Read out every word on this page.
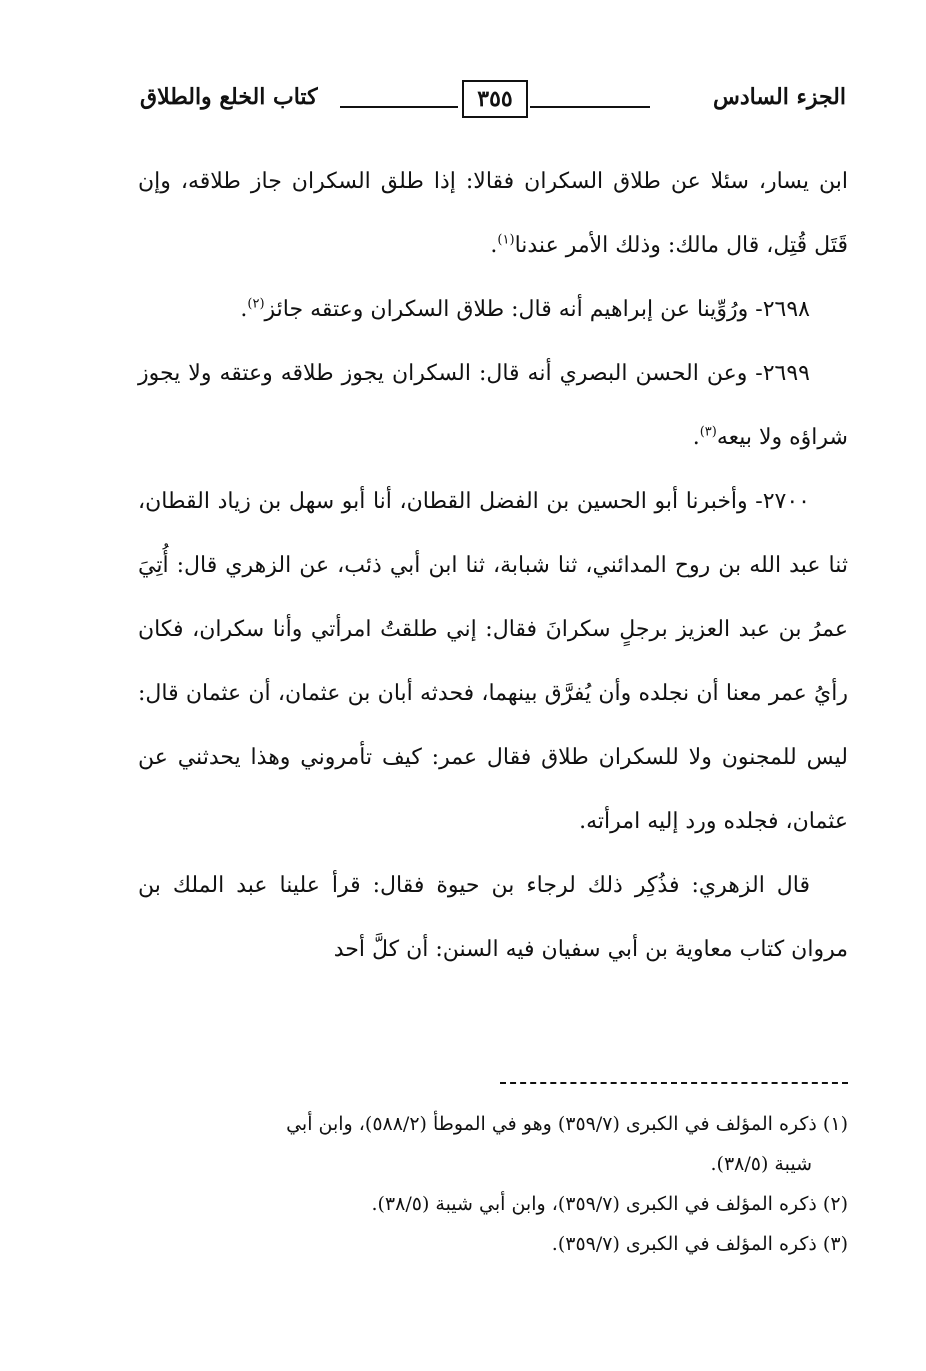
الجزء السادس
٣٥٥
كتاب الخلع والطلاق

ابن يسار، سئلا عن طلاق السكران فقالا: إذا طلق السكران جاز طلاقه، وإن قَتَل قُتِل، قال مالك: وذلك الأمر عندنا$^{(١)}$.

٢٦٩٨- ورُوِّينا عن إبراهيم أنه قال: طلاق السكران وعتقه جائز$^{(٢)}$.

٢٦٩٩- وعن الحسن البصري أنه قال: السكران يجوز طلاقه وعتقه ولا يجوز شراؤه ولا بيعه$^{(٣)}$.

٢٧٠٠- وأخبرنا أبو الحسين بن الفضل القطان، أنا أبو سهل بن زياد القطان، ثنا عبد الله بن روح المدائني، ثنا شبابة، ثنا ابن أبي ذئب، عن الزهري قال: أُتِيَ عمرُ بن عبد العزيز برجلٍ سكرانَ فقال: إني طلقتُ امرأتي وأنا سكران، فكان رأيُ عمر معنا أن نجلده وأن يُفرَّق بينهما، فحدثه أبان بن عثمان، أن عثمان قال: ليس للمجنون ولا للسكران طلاق فقال عمر: كيف تأمروني وهذا يحدثني عن عثمان، فجلده ورد إليه امرأته.

قال الزهري: فذُكِر ذلك لرجاء بن حيوة فقال: قرأ علينا عبد الملك بن مروان كتاب معاوية بن أبي سفيان فيه السنن: أن كلَّ أحد

(١) ذكره المؤلف في الكبرى (٣٥٩/٧) وهو في الموطأ (٥٨٨/٢)، وابن أبي

شيبة (٣٨/٥).

(٢) ذكره المؤلف في الكبرى (٣٥٩/٧)، وابن أبي شيبة (٣٨/٥).

(٣) ذكره المؤلف في الكبرى (٣٥٩/٧).
